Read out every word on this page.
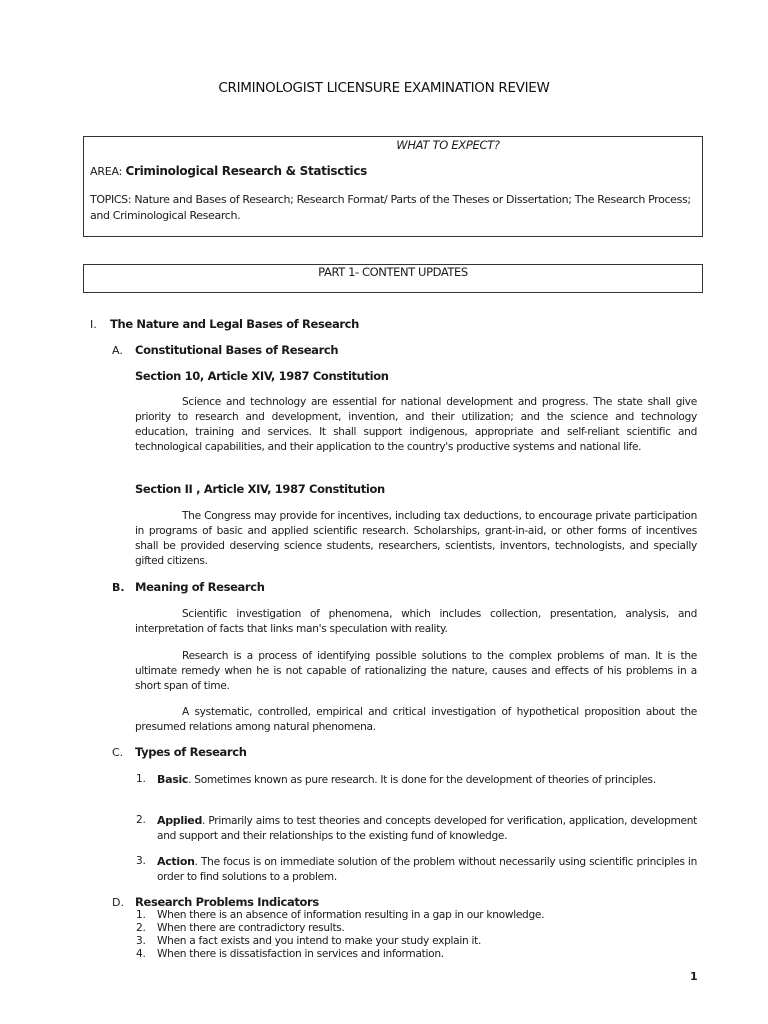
CRIMINOLOGIST LICENSURE EXAMINATION REVIEW
WHAT TO EXPECT?
AREA: Criminological Research & Statisctics
TOPICS: Nature and Bases of Research; Research Format/ Parts of the Theses or Dissertation; The Research Process; and Criminological Research.
PART 1- CONTENT UPDATES
I. The Nature and Legal Bases of Research
A. Constitutional Bases of Research
Section 10, Article XIV, 1987 Constitution
Science and technology are essential for national development and progress. The state shall give priority to research and development, invention, and their utilization; and the science and technology education, training and services. It shall support indigenous, appropriate and self-reliant scientific and technological capabilities, and their application to the country's productive systems and national life.
Section II , Article XIV, 1987 Constitution
The Congress may provide for incentives, including tax deductions, to encourage private participation in programs of basic and applied scientific research. Scholarships, grant-in-aid, or other forms of incentives shall be provided deserving science students, researchers, scientists, inventors, technologists, and specially gifted citizens.
B. Meaning of Research
Scientific investigation of phenomena, which includes collection, presentation, analysis, and interpretation of facts that links man's speculation with reality.
Research is a process of identifying possible solutions to the complex problems of man. It is the ultimate remedy when he is not capable of rationalizing the nature, causes and effects of his problems in a short span of time.
A systematic, controlled, empirical and critical investigation of hypothetical proposition about the presumed relations among natural phenomena.
C. Types of Research
1. Basic. Sometimes known as pure research. It is done for the development of theories of principles.
2. Applied. Primarily aims to test theories and concepts developed for verification, application, development and support and their relationships to the existing fund of knowledge.
3. Action. The focus is on immediate solution of the problem without necessarily using scientific principles in order to find solutions to a problem.
D. Research Problems Indicators
1. When there is an absence of information resulting in a gap in our knowledge.
2. When there are contradictory results.
3. When a fact exists and you intend to make your study explain it.
4. When there is dissatisfaction in services and information.
1
